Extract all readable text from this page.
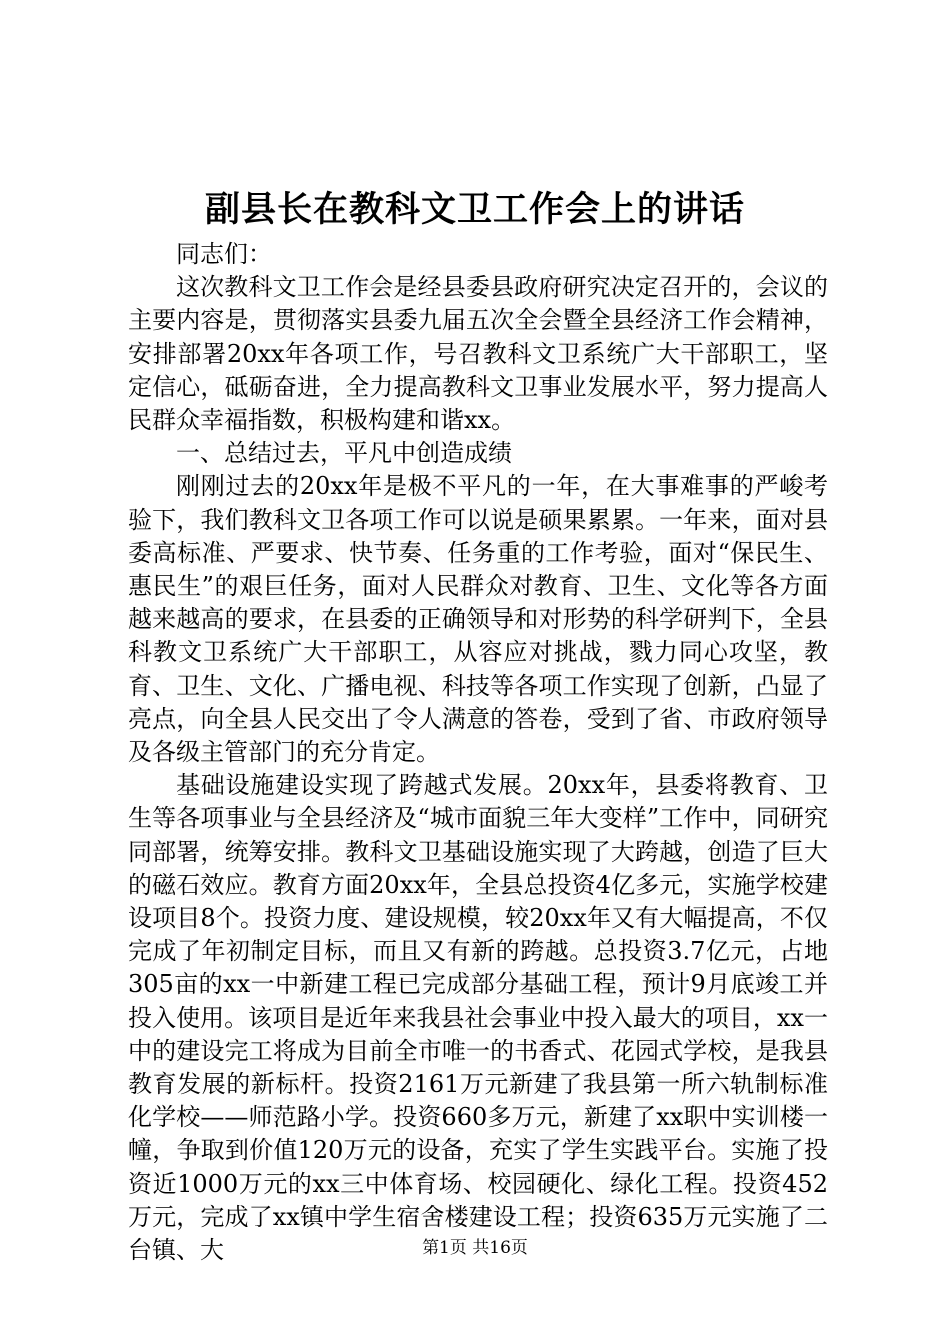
副县长在教科文卫工作会上的讲话

同志们：

这次教科文卫工作会是经县委县政府研究决定召开的，会议的主要内容是，贯彻落实县委九届五次全会暨全县经济工作会精神，安排部署20xx年各项工作，号召教科文卫系统广大干部职工，坚定信心，砥砺奋进，全力提高教科文卫事业发展水平，努力提高人民群众幸福指数，积极构建和谐xx。

一、总结过去，平凡中创造成绩

刚刚过去的20xx年是极不平凡的一年，在大事难事的严峻考验下，我们教科文卫各项工作可以说是硕果累累。一年来，面对县委高标准、严要求、快节奏、任务重的工作考验，面对“保民生、惠民生”的艰巨任务，面对人民群众对教育、卫生、文化等各方面越来越高的要求，在县委的正确领导和对形势的科学研判下，全县科教文卫系统广大干部职工，从容应对挑战，戮力同心攻坚，教育、卫生、文化、广播电视、科技等各项工作实现了创新，凸显了亮点，向全县人民交出了令人满意的答卷，受到了省、市政府领导及各级主管部门的充分肯定。

基础设施建设实现了跨越式发展。20xx年，县委将教育、卫生等各项事业与全县经济及“城市面貌三年大变样”工作中，同研究同部署，统筹安排。教科文卫基础设施实现了大跨越，创造了巨大的磁石效应。教育方面20xx年，全县总投资4亿多元，实施学校建设项目8个。投资力度、建设规模，较20xx年又有大幅提高，不仅完成了年初制定目标，而且又有新的跨越。总投资3.7亿元，占地305亩的xx一中新建工程已完成部分基础工程，预计9月底竣工并投入使用。该项目是近年来我县社会事业中投入最大的项目，xx一中的建设完工将成为目前全市唯一的书香式、花园式学校，是我县教育发展的新标杆。投资2161万元新建了我县第一所六轨制标准化学校——师范路小学。投资660多万元，新建了xx职中实训楼一幢，争取到价值120万元的设备，充实了学生实践平台。实施了投资近1000万元的xx三中体育场、校园硬化、绿化工程。投资452万元，完成了xx镇中学生宿舍楼建设工程；投资635万元实施了二台镇、大	第1页 共16页
